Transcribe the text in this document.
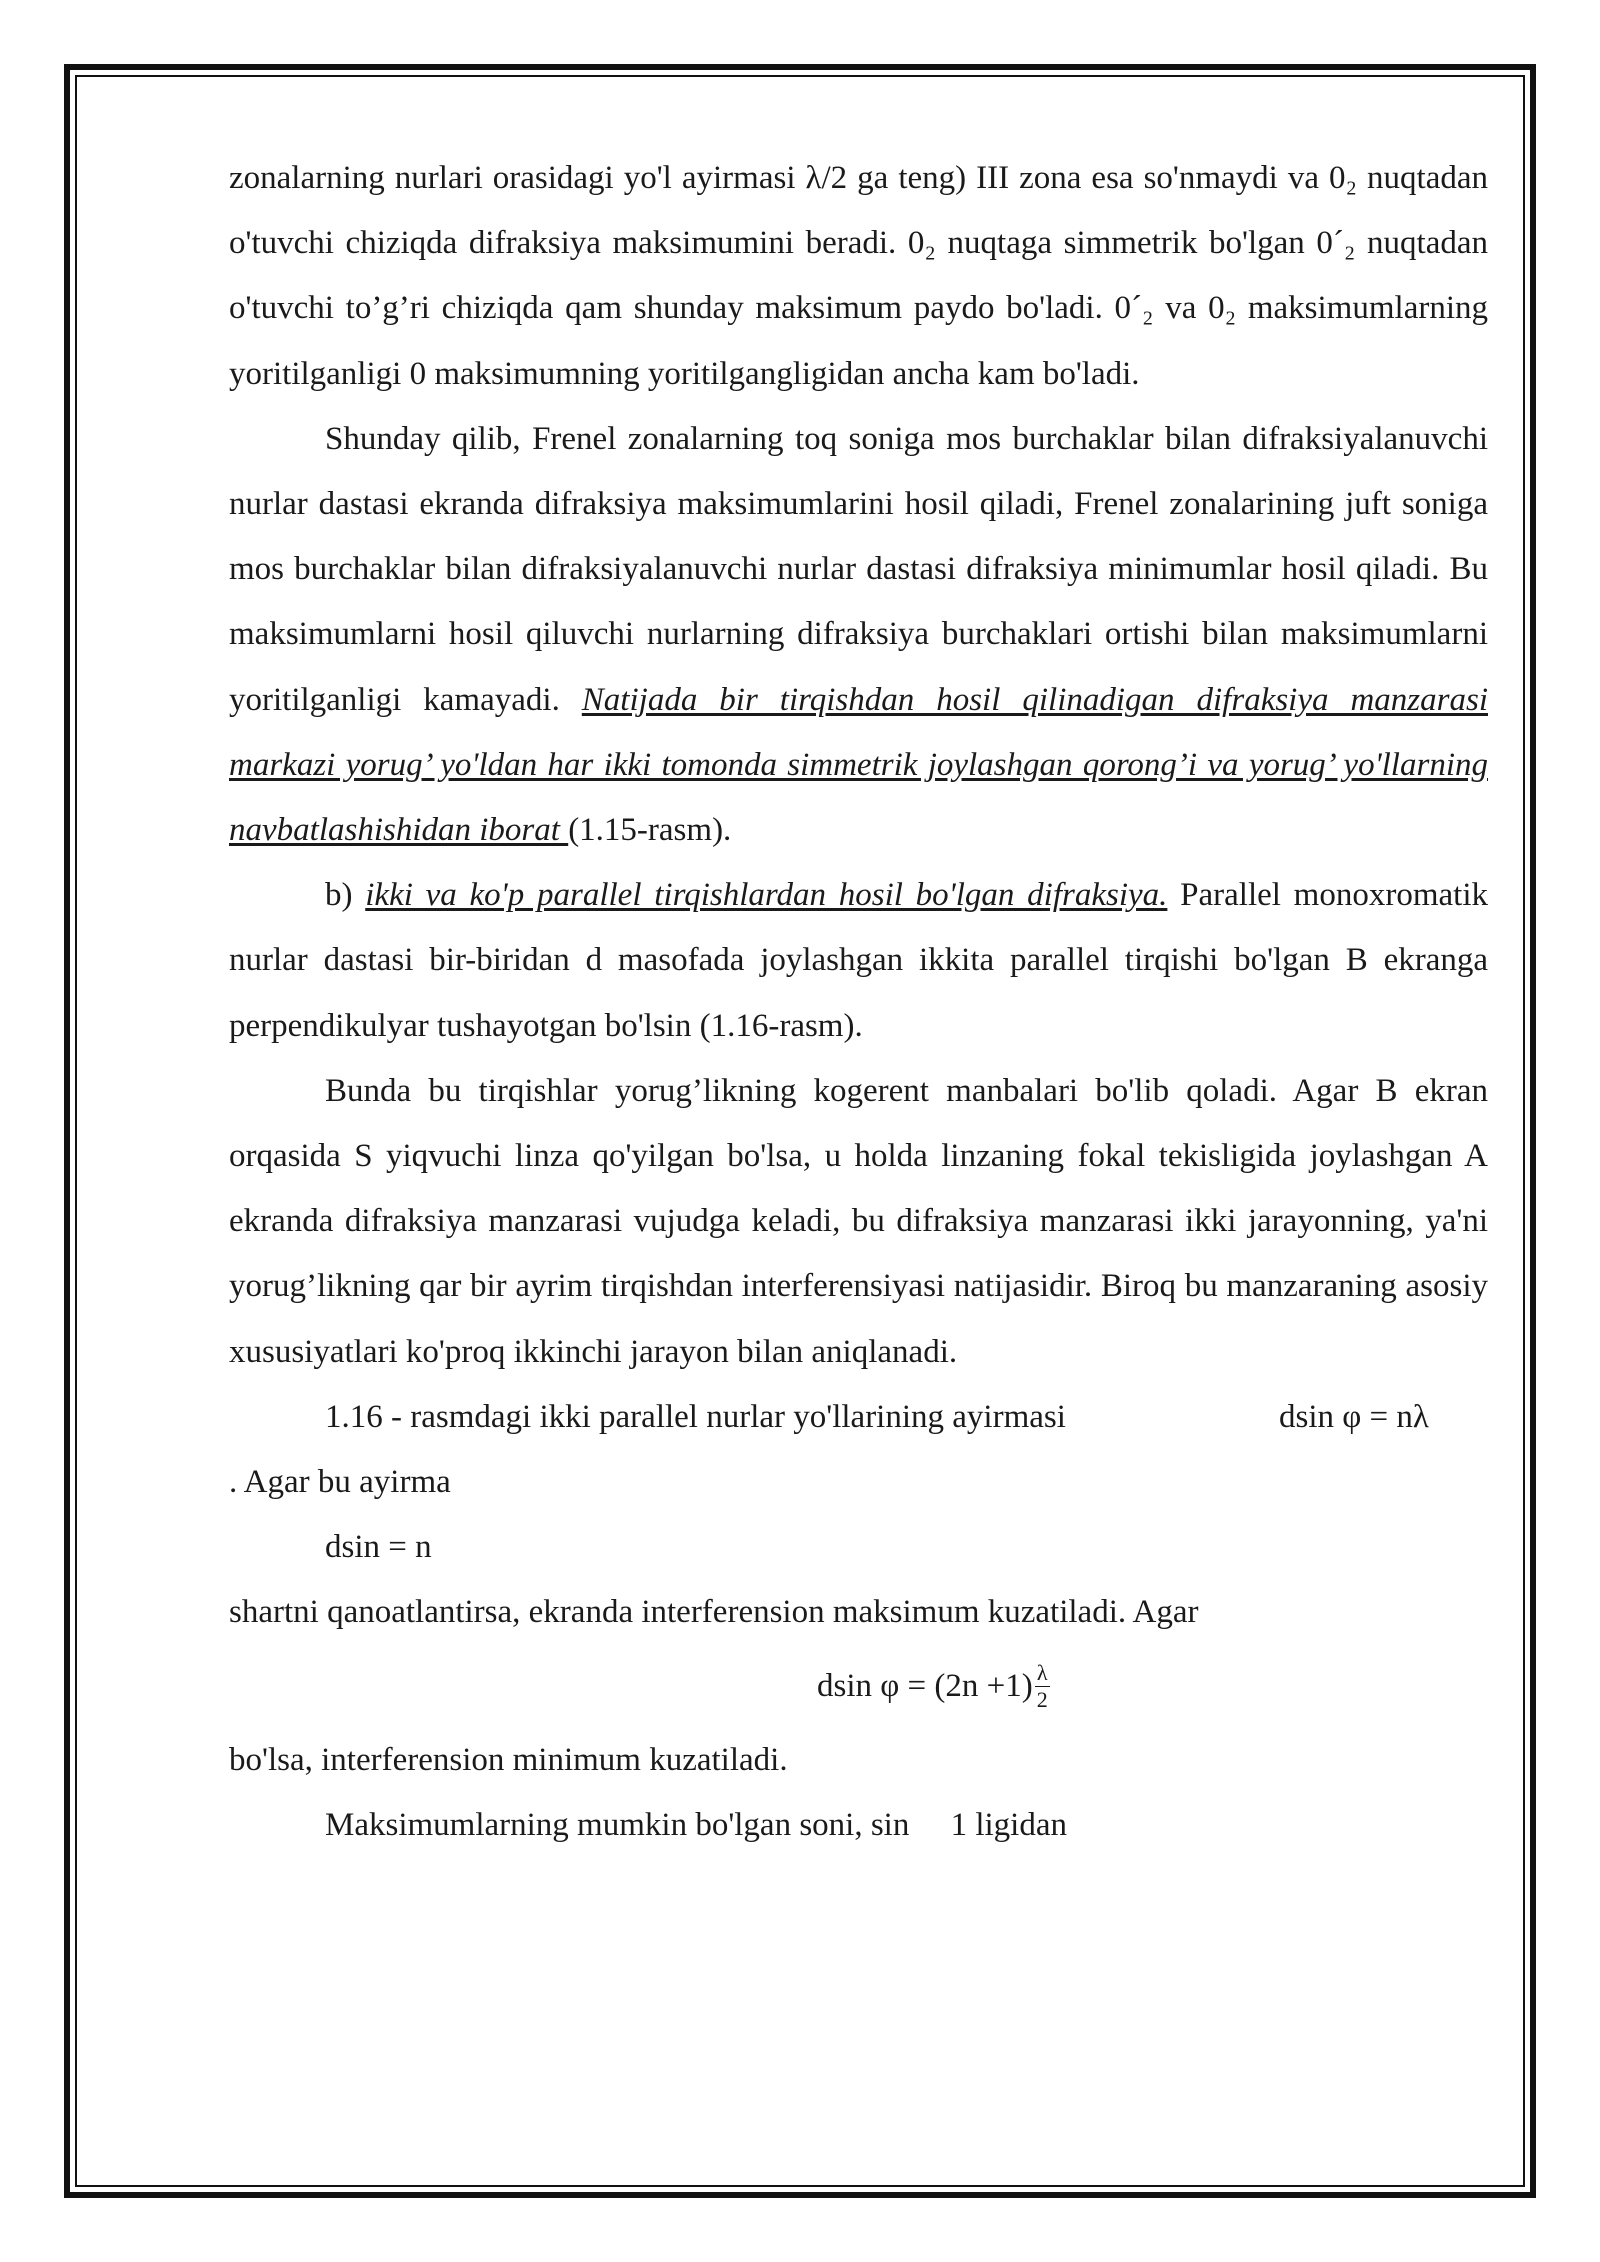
zonalarning nurlari orasidagi yo'l ayirmasi λ/2 ga teng) III zona esa so'nmaydi va 0₂ nuqtadan o'tuvchi chiziqda difraksiya maksimumini beradi. 0₂ nuqtaga simmetrik bo'lgan 0´₂ nuqtadan o'tuvchi to’g’ri chiziqda qam shunday maksimum paydo bo'ladi. 0´₂ va 0₂ maksimumlarning yoritilganligi 0 maksimumning yoritilgangligidan ancha kam bo'ladi.

Shunday qilib, Frenel zonalarning toq soniga mos burchaklar bilan difraksiyalanuvchi nurlar dastasi ekranda difraksiya maksimumlarini hosil qiladi, Frenel zonalarining juft soniga mos burchaklar bilan difraksiyalanuvchi nurlar dastasi difraksiya minimumlar hosil qiladi. Bu maksimumlarni hosil qiluvchi nurlarning difraksiya burchaklari ortishi bilan maksimumlarni yoritilganligi kamayadi. Natijada bir tirqishdan hosil qilinadigan difraksiya manzarasi markazi yorug’ yo'ldan har ikki tomonda simmetrik joylashgan qorong’i va yorug’ yo'llarning navbatlashishidan iborat (1.15-rasm).

b) ikki va ko'p parallel tirqishlardan hosil bo'lgan difraksiya. Parallel monoxromatik nurlar dastasi bir-biridan d masofada joylashgan ikkita parallel tirqishi bo'lgan B ekranga perpendikulyar tushayotgan bo'lsin (1.16-rasm).

Bunda bu tirqishlar yorug’likning kogerent manbalari bo'lib qoladi. Agar B ekran orqasida S yiqvuchi linza qo'yilgan bo'lsa, u holda linzaning fokal tekisligida joylashgan A ekranda difraksiya manzarasi vujudga keladi, bu difraksiya manzarasi ikki jarayonning, ya'ni yorug’likning qar bir ayrim tirqishdan interferensiyasi natijasidir. Biroq bu manzaraning asosiy xususiyatlari ko'proq ikkinchi jarayon bilan aniqlanadi.

1.16 - rasmdagi ikki parallel nurlar yo'llarining ayirmasi	dsin φ = nλ

. Agar bu ayirma

dsin = n

shartni qanoatlantirsa, ekranda interferension maksimum kuzatiladi. Agar

dsin $\varphi = (2n +1) \frac{\lambda}{2}$

bo'lsa, interferension minimum kuzatiladi.

Maksimumlarning mumkin bo'lgan soni, sin     1 ligidan
